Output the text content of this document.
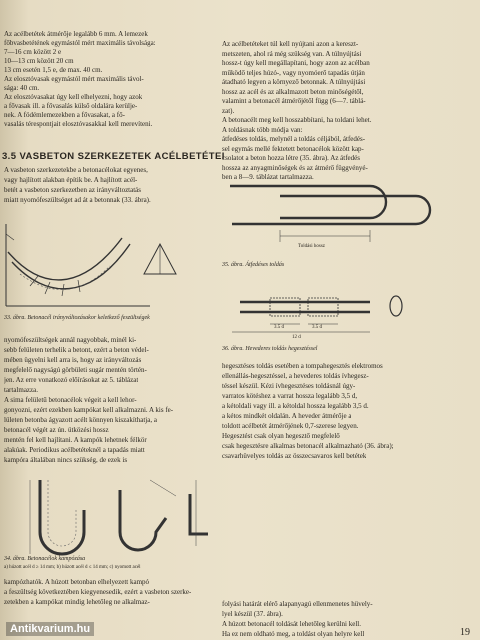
Az acélbetétek átmérője legalább 6 mm. A lemezek

főbvasbetétének egymástól mért maximális távolsága:

7—16 cm között 2 e

10—13 cm között 20 cm

13 cm esetén 1,5 e, de max. 40 cm.

Az elosztóvasak egymástól mért maximális távol-

sága: 40 cm.

Az elosztóvasakat úgy kell elhelyezni, hogy azok

a fővasak ill. a fővasalás külső oldalára kerülje-

nek. A födémlemezekben a fővasakat, a fő-

vasalás térespontjait elosztóvasakkal kell merevíteni.

3.5 VASBETON SZERKEZETEK ACÉLBETÉTEI

A vasbeton szerkezetekbe a betonacélokat egyenes,

vagy hajlított alakban építik be. A hajlított acél-

betét a vasbeton szerkezetben az irányváltoztatás

miatt nyomófeszültséget ad át a betonnak (33. ábra).

33. ábra. Betonacél irányváltozásakor keletkező feszültségek

nyomófeszültségek annál nagyobbak, minél ki-

sebb felületen terhelik a betont, ezért a beton védel-

mében ügyelni kell arra is, hogy az irányváltozás

megfelelő nagyságú görbületi sugár mentén történ-

jen. Az erre vonatkozó előírásokat az 5. táblázat

tartalmazza.

A sima felületű betonacélok végeit a kell lehor-

gonyozni, ezért ezekben kampókat kell alkalmazni. A kis fe-

lületen betonba ágyazott acélt könnyen kiszakíthatja, a

betonacél végét az ún. ütközési hossz

mentén fel kell hajlítani. A kampók lehetnek félkör

alakúak. Periodikus acélbetéteknél a tapadás miatt

kampóra általában nincs szükség, de ezek is

34. ábra. Betonacélok kampózása
a) húzott acél d ≥ 14 mm; b) húzott acél d ≤ 14 mm; c) nyomott acél

kampózhatók. A húzott betonban elhelyezett kampó

a feszültség következtében kiegyenesedik, ezért a vasbeton szerke-

zetekben a kampókat mindig lehetőleg ne alkalmaz-

Az acélbetéteket túl kell nyújtani azon a kereszt-

metszeten, ahol rá még szükség van. A túlnyújtási

hossz-t úgy kell megállapítani, hogy azon az acélban

működő teljes húzó-, vagy nyomóerő tapadás útján

átadható legyen a környező betonnak. A túlnyújtási

hossz az acél és az alkalmazott beton minőségétől,

valamint a betonacél átmérőjétől függ (6—7. táblá-

zat).

A betonacélt meg kell hosszabbítani, ha toldani lehet.

A toldásnak több módja van:

átfedéses toldás, melynél a toldás céljából, átfedés-

sel egymás mellé fektetett betonacélok között kap-

csolatot a beton hozza létre (35. ábra). Az átfedés

hossza az anyagminőségek és az átmérő függvényé-

ben a 8—9. táblázat tartalmazza.

Toldási hossz
35. ábra. Átfedéses toldás
3.5 d	3.5 d
12 d
36. ábra. Hevederes toldás hegesztéssel

hegesztéses toldás esetében a tompahegesztés elektromos

ellenállás-hegesztéssel, a hevederes toldás ívhegesz-

téssel készül. Kézi ívhegesztéses toldásnál úgy-

varratos kötéshez a varrat hossza legalább 3,5 d,

a kétoldali vagy ill. a kétoldal hossza legalább 3,5 d.

a kétos mindkét oldalán. A heveder átmérője a

toldott acélbetét átmérőjének 0,7-szerese legyen.

Hegesztést csak olyan hegesztő megfelelő

csak hegesztésre alkalmas betonacél alkalmazható (36. ábra);

csavarhüvelyes toldás az összecsavaros kell betétek

folyási határát elérő alapanyagú ellenmenetes hüvely-

lyel készül (37. ábra).

A húzott betonacél toldását lehetőleg kerülni kell.

Ha ez nem oldható meg, a toldást olyan helyre kell	19
Antikvarium.hu
